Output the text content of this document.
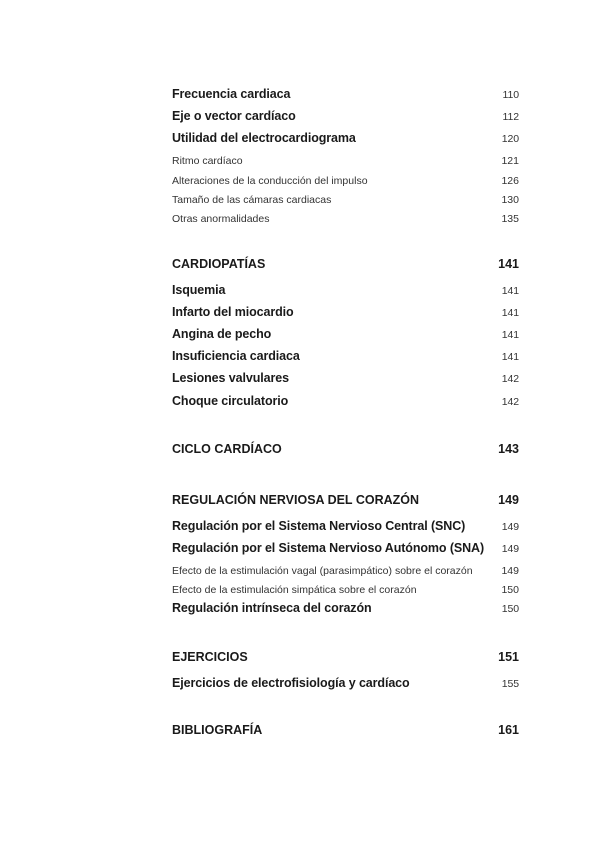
Frecuencia cardiaca	110
Eje o vector cardíaco	112
Utilidad del electrocardiograma	120
Ritmo cardíaco	121
Alteraciones de la conducción del impulso	126
Tamaño de las cámaras cardiacas	130
Otras anormalidades	135
CARDIOPATÍAS	141
Isquemia	141
Infarto del miocardio	141
Angina de pecho	141
Insuficiencia cardiaca	141
Lesiones valvulares	142
Choque circulatorio	142
CICLO CARDÍACO	143
REGULACIÓN NERVIOSA DEL CORAZÓN	149
Regulación por el Sistema Nervioso Central (SNC)	149
Regulación por el Sistema Nervioso Autónomo (SNA) 149
Efecto de la estimulación vagal (parasimpático) sobre el corazón	149
Efecto de la estimulación simpática sobre el corazón	150
Regulación intrínseca del corazón	150
EJERCICIOS	151
Ejercicios de electrofisiología y cardíaco	155
BIBLIOGRAFÍA	161
